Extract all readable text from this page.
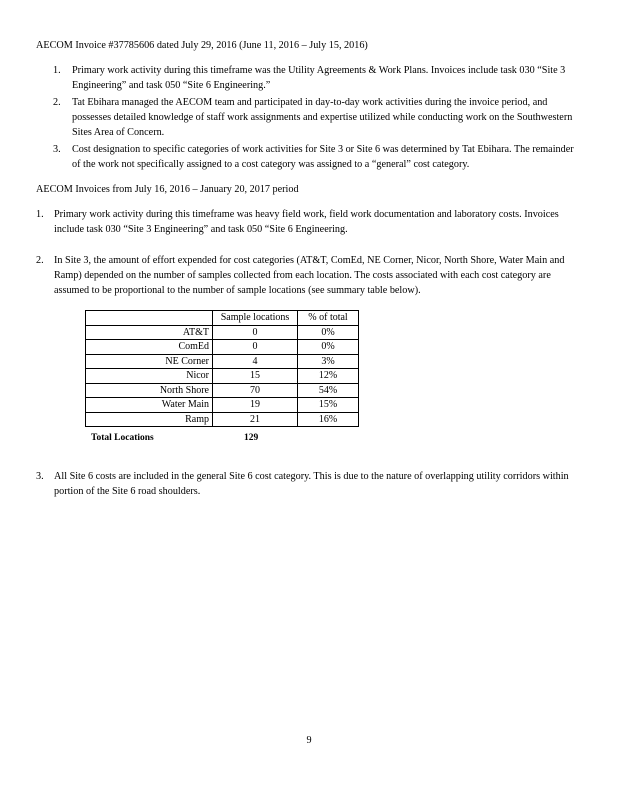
AECOM Invoice #37785606 dated July 29, 2016 (June 11, 2016 – July 15, 2016)
1.	Primary work activity during this timeframe was the Utility Agreements & Work Plans. Invoices include task 030 “Site 3 Engineering” and task 050 “Site 6 Engineering.”
2.	Tat Ebihara managed the AECOM team and participated in day-to-day work activities during the invoice period, and possesses detailed knowledge of staff work assignments and expertise utilized while conducting work on the Southwestern Sites Area of Concern.
3.	Cost designation to specific categories of work activities for Site 3 or Site 6 was determined by Tat Ebihara. The remainder of the work not specifically assigned to a cost category was assigned to a “general” cost category.
AECOM Invoices from July 16, 2016 – January 20, 2017 period
1.	Primary work activity during this timeframe was heavy field work, field work documentation and laboratory costs. Invoices include task 030 “Site 3 Engineering” and task 050 “Site 6 Engineering.
2.	In Site 3, the amount of effort expended for cost categories (AT&T, ComEd, NE Corner, Nicor, North Shore, Water Main and Ramp) depended on the number of samples collected from each location. The costs associated with each cost category are assumed to be proportional to the number of sample locations (see summary table below).
	Sample locations	% of total
AT&T	0	0%
ComEd	0	0%
NE Corner	4	3%
Nicor	15	12%
North Shore	70	54%
Water Main	19	15%
Ramp	21	16%
Total Locations	129
3.	All Site 6 costs are included in the general Site 6 cost category. This is due to the nature of overlapping utility corridors within portion of the Site 6 road shoulders.
9
